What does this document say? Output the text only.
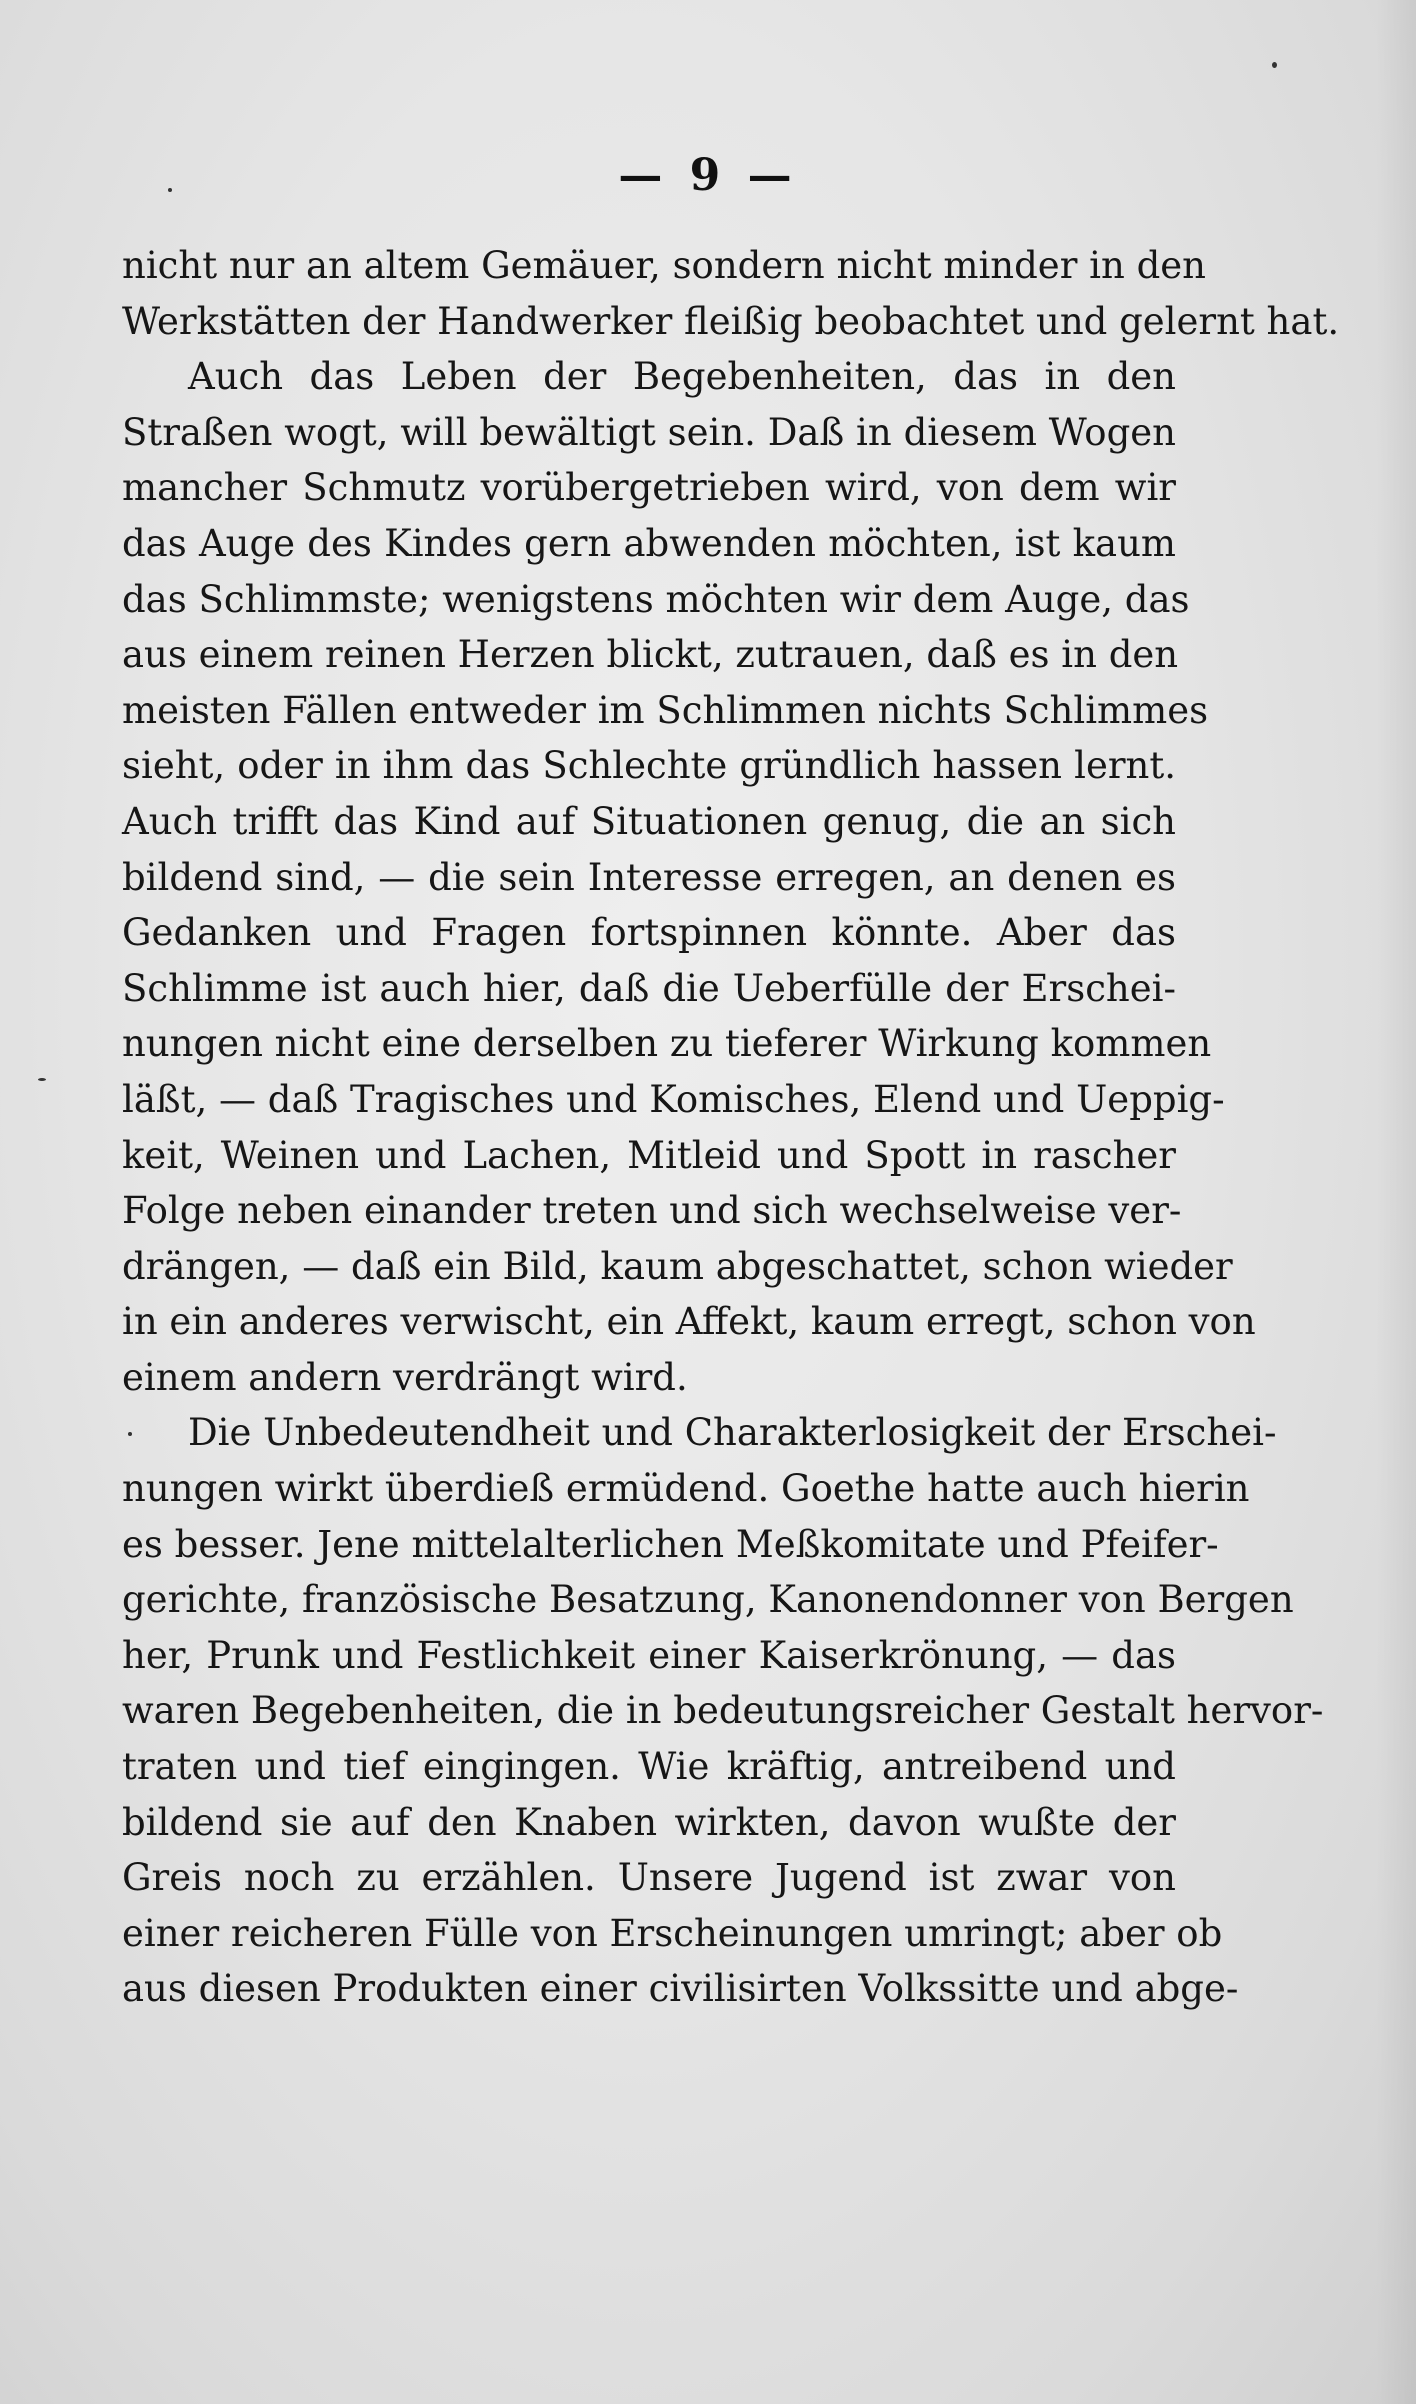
— 9 —
nicht nur an altem Gemäuer, sondern nicht minder in den
Werkstätten der Handwerker fleißig beobachtet und gelernt hat.
Auch das Leben der Begebenheiten, das in den
Straßen wogt, will bewältigt sein. Daß in diesem Wogen
mancher Schmutz vorübergetrieben wird, von dem wir
das Auge des Kindes gern abwenden möchten, ist kaum
das Schlimmste; wenigstens möchten wir dem Auge, das
aus einem reinen Herzen blickt, zutrauen, daß es in den
meisten Fällen entweder im Schlimmen nichts Schlimmes
sieht, oder in ihm das Schlechte gründlich hassen lernt.
Auch trifft das Kind auf Situationen genug, die an sich
bildend sind, — die sein Interesse erregen, an denen es
Gedanken und Fragen fortspinnen könnte. Aber das
Schlimme ist auch hier, daß die Ueberfülle der Erschei-
nungen nicht eine derselben zu tieferer Wirkung kommen
läßt, — daß Tragisches und Komisches, Elend und Ueppig-
keit, Weinen und Lachen, Mitleid und Spott in rascher
Folge neben einander treten und sich wechselweise ver-
drängen, — daß ein Bild, kaum abgeschattet, schon wieder
in ein anderes verwischt, ein Affekt, kaum erregt, schon von
einem andern verdrängt wird.
Die Unbedeutendheit und Charakterlosigkeit der Erschei-
nungen wirkt überdieß ermüdend. Goethe hatte auch hierin
es besser. Jene mittelalterlichen Meßkomitate und Pfeifer-
gerichte, französische Besatzung, Kanonendonner von Bergen
her, Prunk und Festlichkeit einer Kaiserkrönung, — das
waren Begebenheiten, die in bedeutungsreicher Gestalt hervor-
traten und tief eingingen. Wie kräftig, antreibend und
bildend sie auf den Knaben wirkten, davon wußte der
Greis noch zu erzählen. Unsere Jugend ist zwar von
einer reicheren Fülle von Erscheinungen umringt; aber ob
aus diesen Produkten einer civilisirten Volkssitte und abge-
